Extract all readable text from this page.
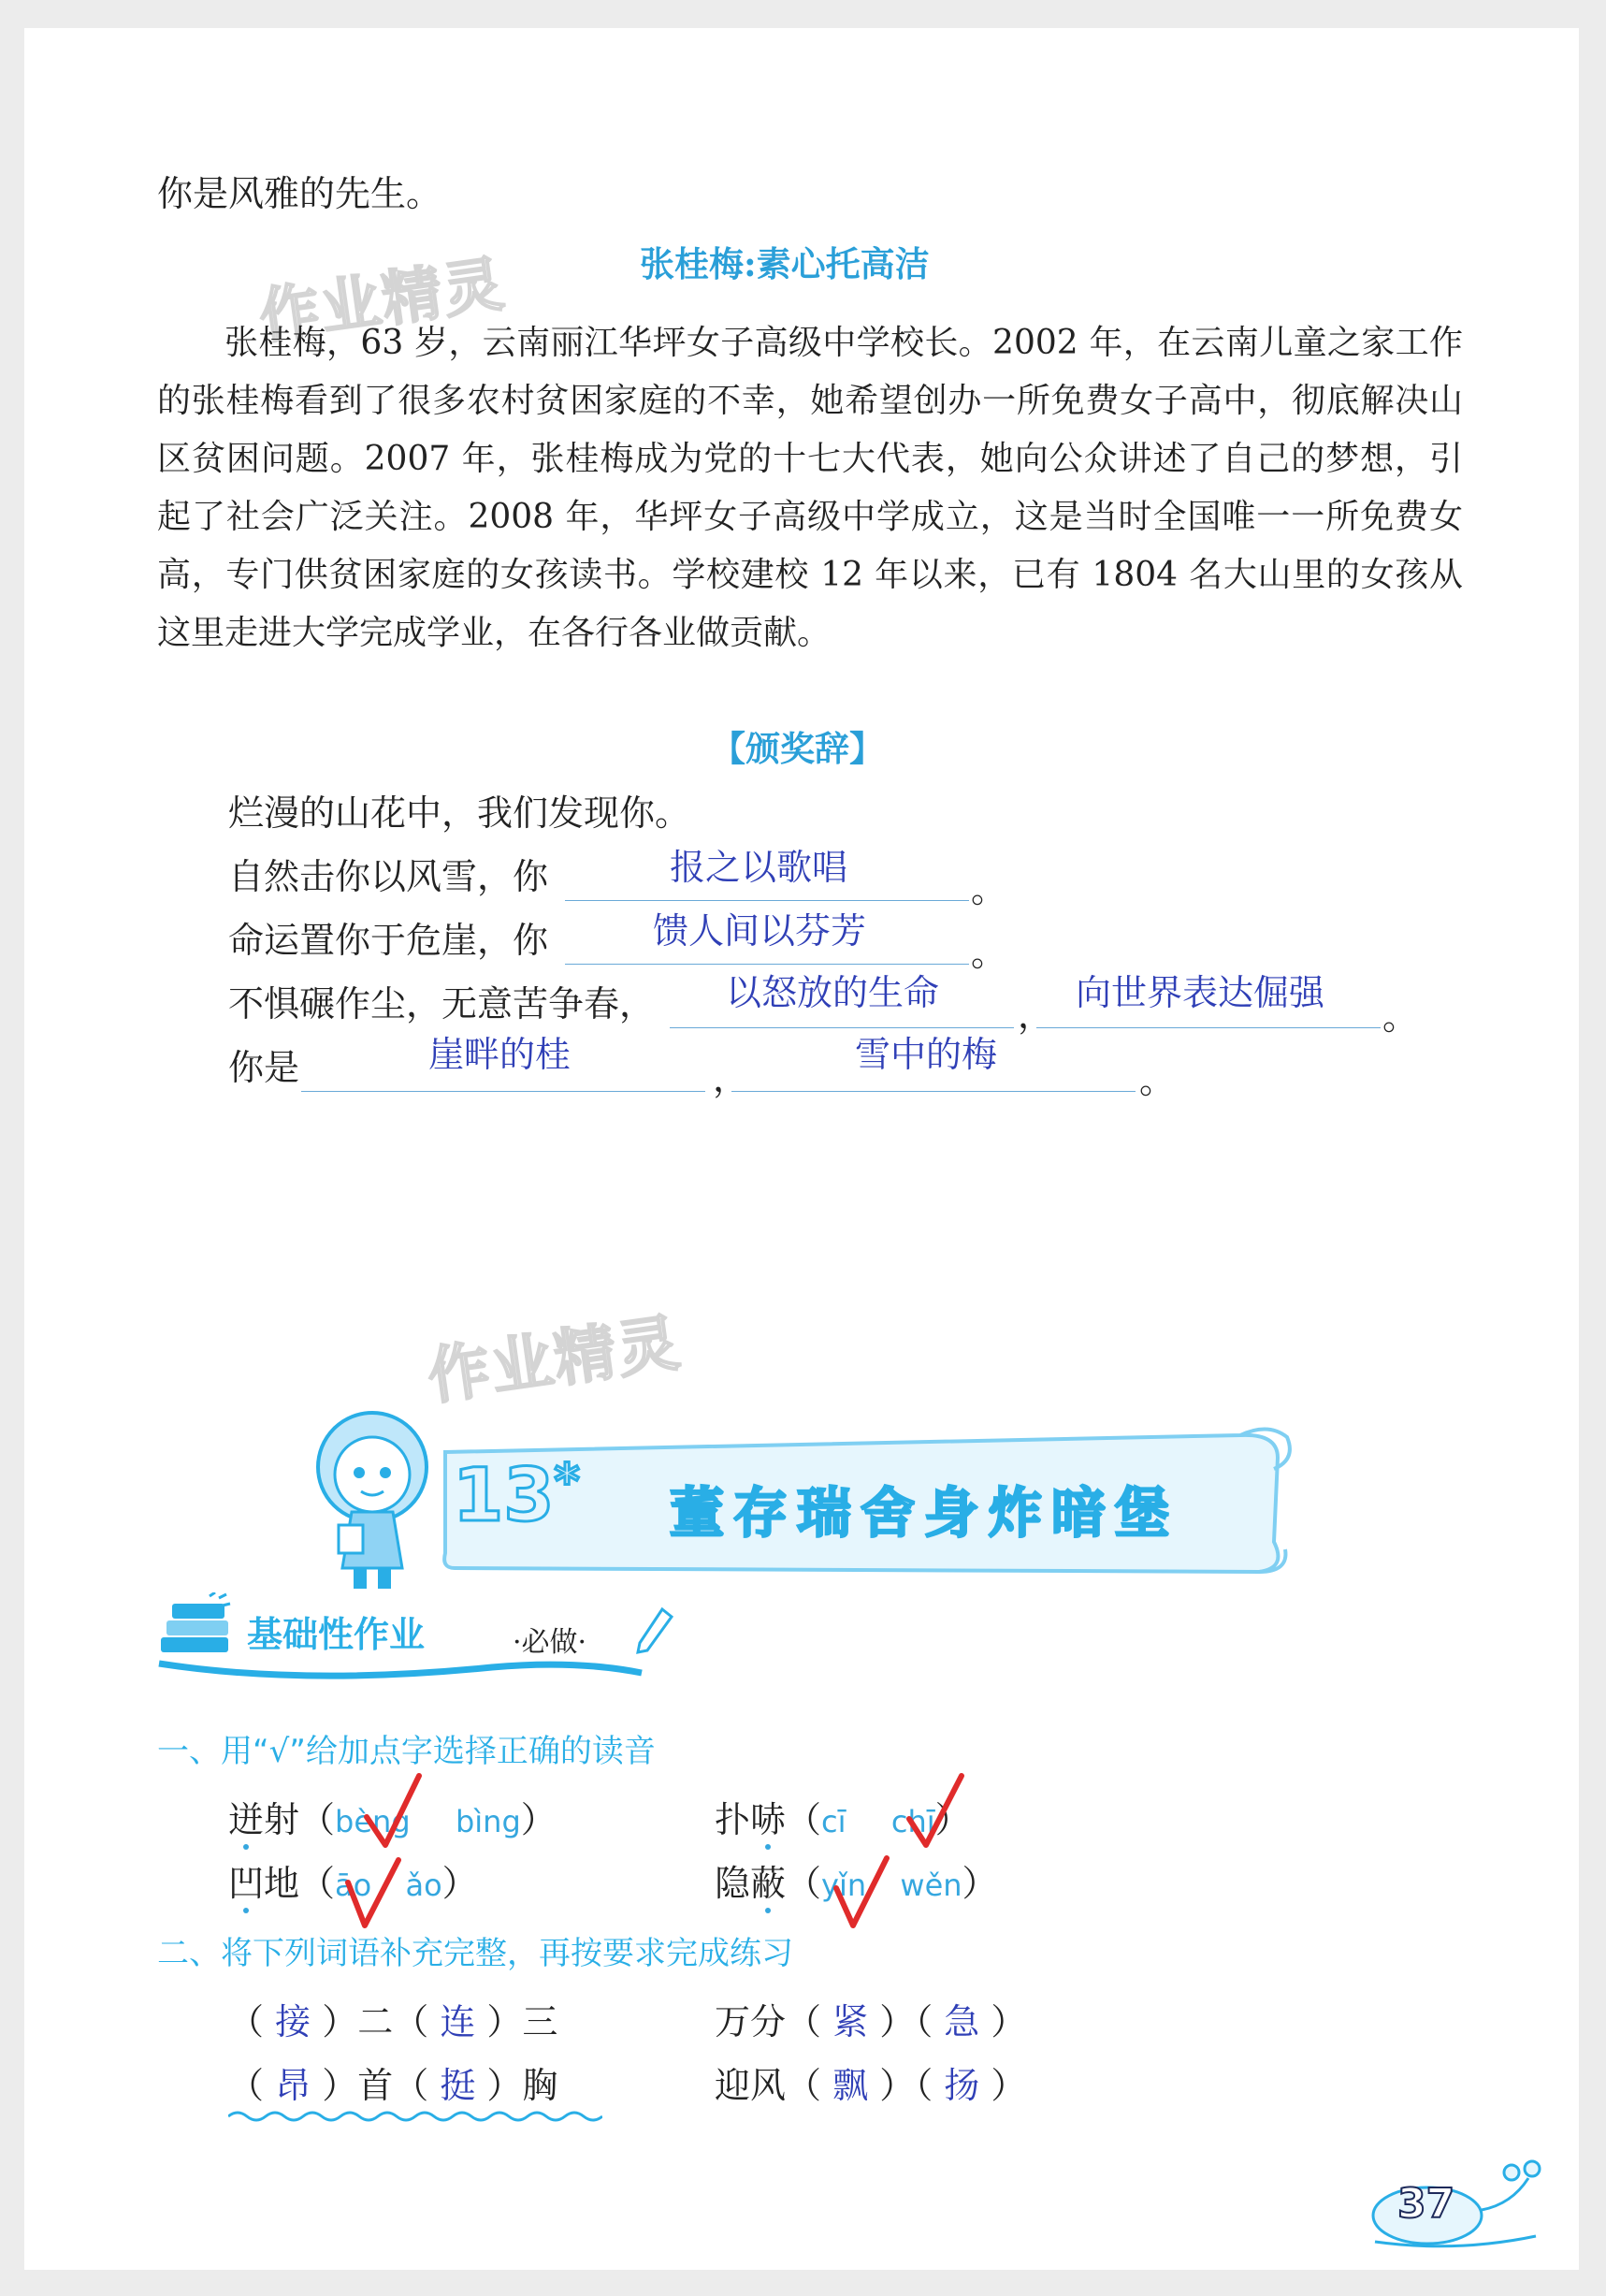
你是风雅的先生。
作业精灵	张桂梅:素心托高洁

张桂梅，63 岁，云南丽江华坪女子高级中学校长。2002 年，在云南儿童之家工作的张桂梅看到了很多农村贫困家庭的不幸，她希望创办一所免费女子高中，彻底解决山区贫困问题。2007 年，张桂梅成为党的十七大代表，她向公众讲述了自己的梦想，引起了社会广泛关注。2008 年，华坪女子高级中学成立，这是当时全国唯一一所免费女高，专门供贫困家庭的女孩读书。学校建校 12 年以来，已有 1804 名大山里的女孩从这里走进大学完成学业，在各行各业做贡献。

【颁奖辞】
烂漫的山花中，我们发现你。
自然击你以风雪，你	报之以歌唱
。
命运置你于危崖，你	馈人间以芬芳
。
不惧碾作尘，无意苦争春， 以怒放的生命
，
向世界表达倔强
。
你是	崖畔的桂
，
雪中的梅
。
作业精灵
13* 董存瑞舍身炸暗堡
基础性作业	·必做·
一、用“√”给加点字选择正确的读音
迸射（bèng bìng）	扑哧（cī chī）
凹地（āo ǎo）	隐蔽（yǐn wěn）
二、将下列词语补充完整，再按要求完成练习
（ 接 ）二（ 连 ）三	万分（ 紧 ）（ 急 ）
（ 昂 ）首（ 挺 ）胸	迎风（ 飘 ）（ 扬 ）
37
